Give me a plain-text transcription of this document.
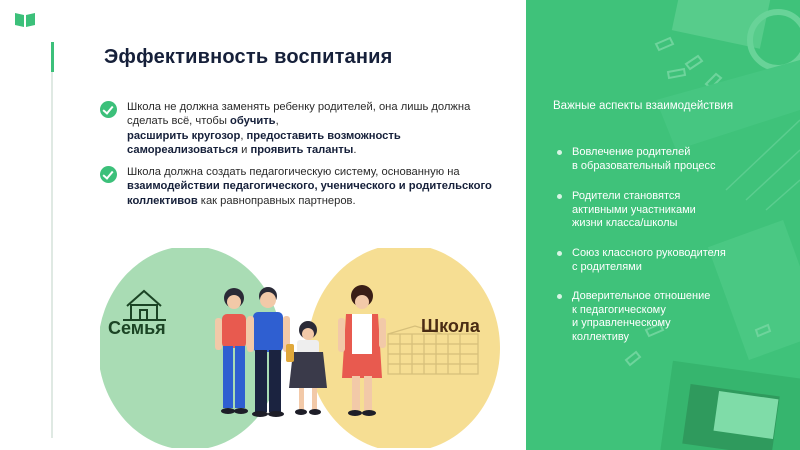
Эффективность воспитания
Школа не должна заменять ребенку родителей, она лишь должна сделать всё, чтобы обучить,
расширить кругозор, предоставить возможность самореализоваться и проявить таланты.
Школа должна создать педагогическую систему, основанную на взаимодействии педагогического, ученического и родительского коллективов как равноправных партнеров.
Семья	Школа
Важные аспекты взаимодействия
Вовлечение родителей
в образовательный процесс
Родители становятся
активными участниками
жизни класса/школы
Союз классного руководителя
с родителями
Доверительное отношение
к педагогическому
и управленческому
коллективу
